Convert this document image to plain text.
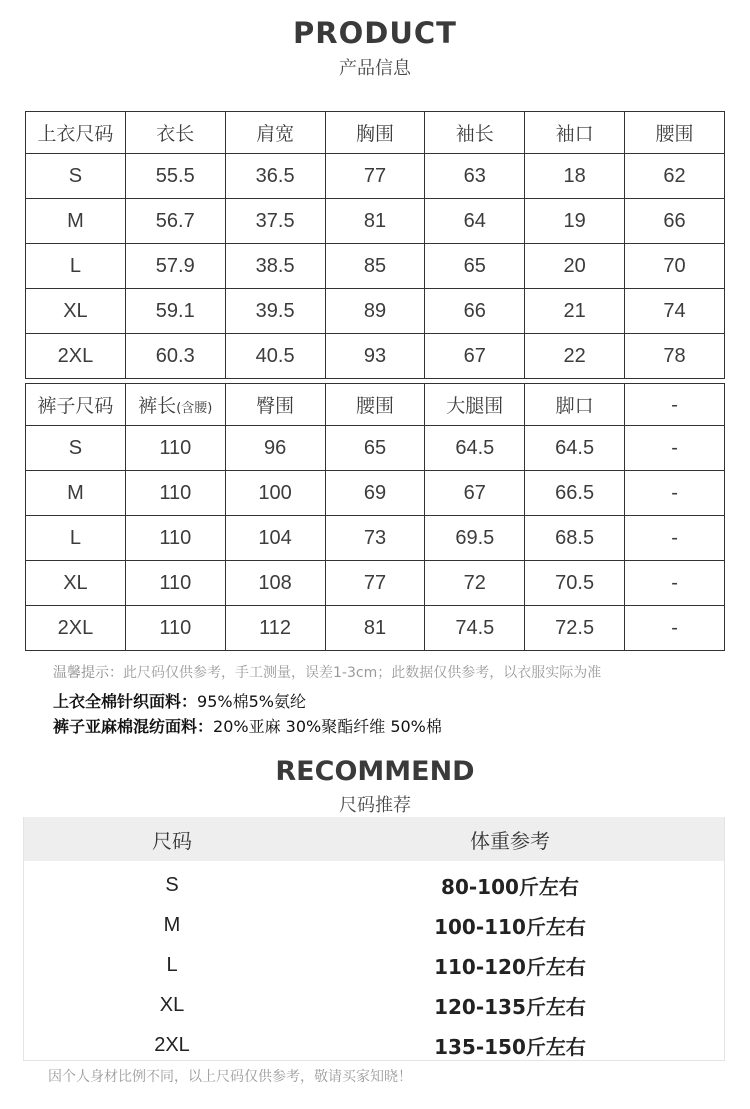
PRODUCT
产品信息
上衣尺码	衣长	肩宽	胸围	袖长	袖口	腰围
S	55.5	36.5	77	63	18	62
M	56.7	37.5	81	64	19	66
L	57.9	38.5	85	65	20	70
XL	59.1	39.5	89	66	21	74
2XL	60.3	40.5	93	67	22	78
裤子尺码	裤长(含腰)	臀围	腰围	大腿围	脚口	-
S	110	96	65	64.5	64.5	-
M	110	100	69	67	66.5	-
L	110	104	73	69.5	68.5	-
XL	110	108	77	72	70.5	-
2XL	110	112	81	74.5	72.5	-
温馨提示：此尺码仅供参考，手工测量，误差1-3cm；此数据仅供参考，以衣服实际为准
上衣全棉针织面料：95%棉5%氨纶
裤子亚麻棉混纺面料：20%亚麻 30%聚酯纤维 50%棉
RECOMMEND
尺码推荐
尺码	体重参考
S	80-100斤左右
M	100-110斤左右
L	110-120斤左右
XL	120-135斤左右
2XL	135-150斤左右
因个人身材比例不同，以上尺码仅供参考，敬请买家知晓！
